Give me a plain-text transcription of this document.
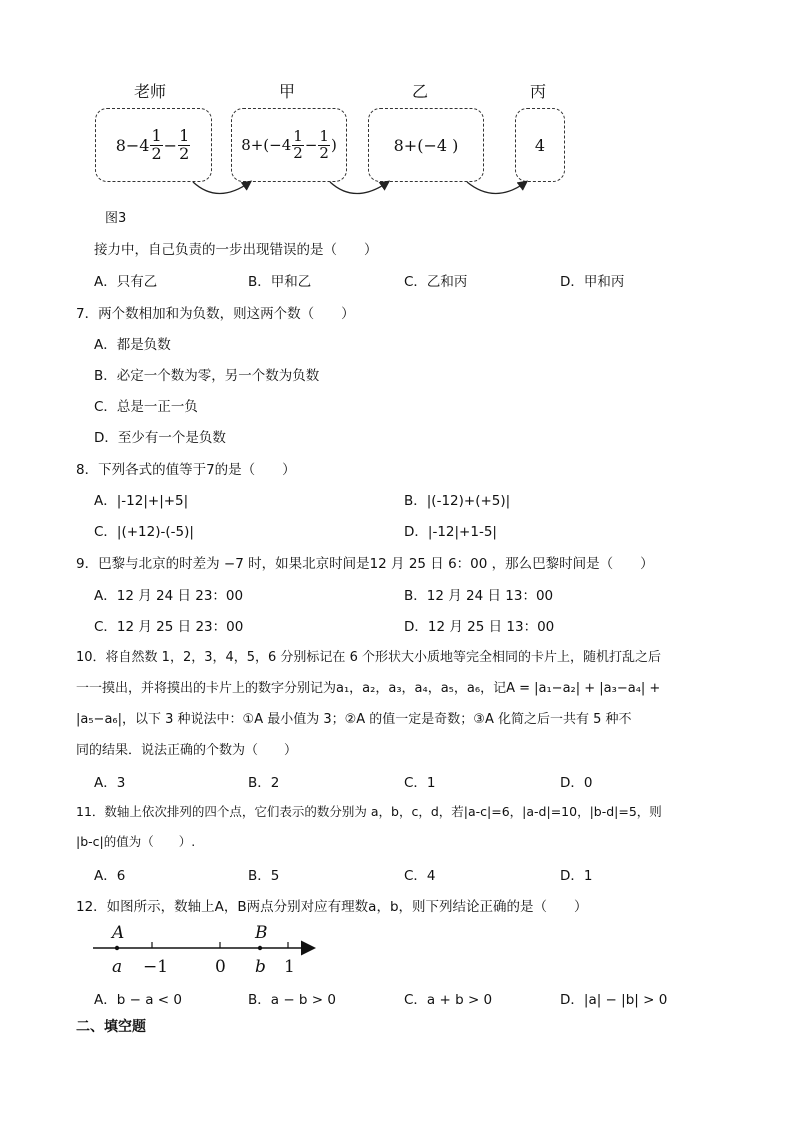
老师	甲	乙	丙
$8-4 \frac{1}{2} - \frac{1}{2}$	$8+(-4 \frac{1}{2} - \frac{1}{2}$ )	8+(−4 )	4
图3
接力中，自己负责的一步出现错误的是（　　）
A．只有乙	B．甲和乙	C．乙和丙	D．甲和丙
7．两个数相加和为负数，则这两个数（　　）
A．都是负数
B．必定一个数为零，另一个数为负数
C．总是一正一负
D．至少有一个是负数
8．下列各式的值等于7的是（　　）
A．|-12|+|+5|	B．|(-12)+(+5)|
C．|(+12)-(-5)|	D．|-12|+1-5|
9．巴黎与北京的时差为 −7 时，如果北京时间是12 月 25 日 6：00 ，那么巴黎时间是（　　）
A．12 月 24 日 23：00	B．12 月 24 日 13：00
C．12 月 25 日 23：00	D．12 月 25 日 13：00
10．将自然数 1，2，3，4，5，6 分别标记在 6 个形状大小质地等完全相同的卡片上，随机打乱之后
一一摸出，并将摸出的卡片上的数字分别记为a₁，a₂，a₃，a₄，a₅，a₆，记A = |a₁−a₂| + |a₃−a₄| +
|a₅−a₆|，以下 3 种说法中：①A 最小值为 3；②A 的值一定是奇数；③A 化简之后一共有 5 种不
同的结果．说法正确的个数为（　　）
A．3	B．2	C．1	D．0
11．数轴上依次排列的四个点，它们表示的数分别为 a，b，c，d，若|a-c|=6，|a-d|=10，|b-d|=5，则
|b-c|的值为（　　）.
A．6	B．5	C．4	D．1
12．如图所示，数轴上A，B两点分别对应有理数a，b，则下列结论正确的是（　　）
A	B
a −1	0 b 1
A．b − a < 0	B．a − b > 0	C．a + b > 0	D．|a| − |b| > 0
二、填空题
